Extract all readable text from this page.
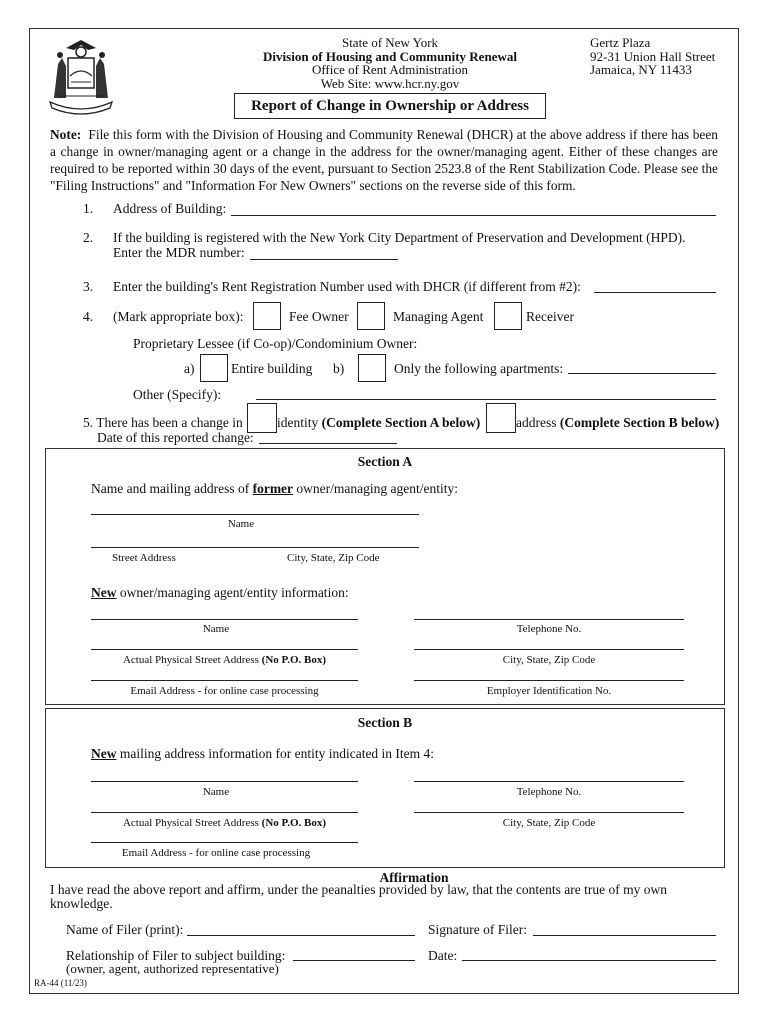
State of New York
Division of Housing and Community Renewal
Office of Rent Administration
Web Site: www.hcr.ny.gov
Gertz Plaza
92-31 Union Hall Street
Jamaica, NY 11433
Report of Change in Ownership or Address

Note: File this form with the Division of Housing and Community Renewal (DHCR) at the above address if there has been a change in owner/managing agent or a change in the address for the owner/managing agent. Either of these changes are required to be reported within 30 days of the event, pursuant to Section 2523.8 of the Rent Stabilization Code. Please see the "Filing Instructions" and "Information For New Owners" sections on the reverse side of this form.

1. Address of Building:
2. If the building is registered with the New York City Department of Preservation and Development (HPD).
Enter the MDR number:
3. Enter the building's Rent Registration Number used with DHCR (if different from #2):
4. (Mark appropriate box):	Fee Owner	Managing Agent	Receiver
Proprietary Lessee (if Co-op)/Condominium Owner:
a)	Entire building b)	Only the following apartments:
Other (Specify):
5. There has been a change in	identity (Complete Section A below)	address (Complete Section B below)
Date of this reported change:
Section A
Name and mailing address of former owner/managing agent/entity:
Name
Street Address	City, State, Zip Code
New owner/managing agent/entity information:
Name	Telephone No.
Actual Physical Street Address (No P.O. Box)	City, State, Zip Code
Email Address - for online case processing	Employer Identification No.
Section B
New mailing address information for entity indicated in Item 4:
Name	Telephone No.
Actual Physical Street Address (No P.O. Box)	City, State, Zip Code
Email Address - for online case processing
Affirmation
I have read the above report and affirm, under the peanalties provided by law, that the contents are true of my own
knowledge.
Name of Filer (print):	Signature of Filer:
Relationship of Filer to subject building:
(owner, agent, authorized representative)
Date:
RA-44 (11/23)
